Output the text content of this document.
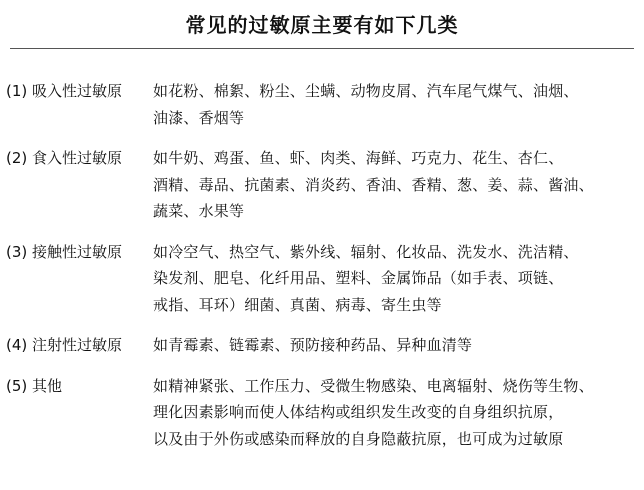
常见的过敏原主要有如下几类
(1) 吸入性过敏原	如花粉、棉絮、粉尘、尘螨、动物皮屑、汽车尾气煤气、油烟、
油漆、香烟等
(2) 食入性过敏原	如牛奶、鸡蛋、鱼、虾、肉类、海鲜、巧克力、花生、杏仁、
酒精、毒品、抗菌素、消炎药、香油、香精、葱、姜、蒜、酱油、
蔬菜、水果等
(3) 接触性过敏原	如冷空气、热空气、紫外线、辐射、化妆品、洗发水、洗洁精、
染发剂、肥皂、化纤用品、塑料、金属饰品（如手表、项链、
戒指、耳环）细菌、真菌、病毒、寄生虫等
(4) 注射性过敏原	如青霉素、链霉素、预防接种药品、异种血清等
(5) 其他	如精神紧张、工作压力、受微生物感染、电离辐射、烧伤等生物、
理化因素影响而使人体结构或组织发生改变的自身组织抗原，
以及由于外伤或感染而释放的自身隐蔽抗原，也可成为过敏原
